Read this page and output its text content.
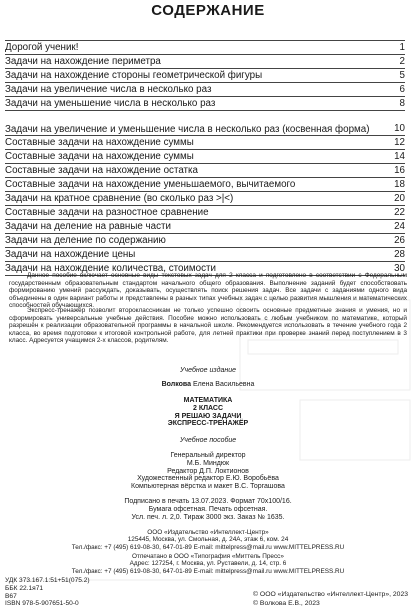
СОДЕРЖАНИЕ
Дорогой ученик!	1
Задачи на нахождение периметра	2
Задачи на нахождение стороны геометрической фигуры	5
Задачи на увеличение числа в несколько раз	6
Задачи на уменьшение числа в несколько раз	8
Задачи на увеличение и уменьшение числа в несколько раз (косвенная форма)	10
Составные задачи на нахождение суммы	12
Составные задачи на нахождение суммы	14
Составные задачи на нахождение остатка	16
Составные задачи на нахождение уменьшаемого, вычитаемого	18
Задачи на кратное сравнение (во сколько раз >|<)	20
Составные задачи на разностное сравнение	22
Задачи на деление на равные части	24
Задачи на деление по содержанию	26
Задачи на нахождение цены	28
Задачи на нахождение количества, стоимости	30
Данное пособие включает основные виды текстовых задач для 2 класса и подготовлено в соответствии с Федеральным государственным образовательным стандартом начального общего образования. Выполнение заданий будет способствовать формированию умений рассуждать, доказывать, осуществлять поиск решения задач. Все задачи с заданиями одного вида объединены в один вариант работы и представлены в разных типах учебных задач с целью развития мышления и математических способностей обучающихся.
Экспресс-тренажёр позволит второклассникам не только успешно освоить основные предметные знания и умения, но и сформировать универсальные учебные действия. Пособие можно использовать с любым учебником по математике, который разрешён к реализации образовательной программы в начальной школе. Рекомендуется использовать в течение учебного года 2 класса, во время подготовки к итоговой контрольной работе, для летней практики при проверке знаний перед поступлением в 3 класс. Адресуется учащимся 2-х классов, родителям.
Учебное издание
Волкова Елена Васильевна
МАТЕМАТИКА
2 КЛАСС
Я РЕШАЮ ЗАДАЧИ
ЭКСПРЕСС-ТРЕНАЖЁР
Учебное пособие
Генеральный директор
М.Б. Миндюк
Редактор Д.П. Локтионов
Художественный редактор Е.Ю. Воробьёва
Компьютерная вёрстка и макет В.С. Торгашова
Подписано в печать 13.07.2023. Формат 70х100/16.
Бумага офсетная. Печать офсетная.
Усл. печ. л. 2,0. Тираж 3000 экз. Заказ № 1635.
ООО «Издательство «Интеллект-Центр»
125445, Москва, ул. Смольная, д. 24А, этаж 6, ком. 24
Тел./факс: +7 (495) 619-08-30, 647-01-89 E-mail: mittelpress@mail.ru www.MITTELPRESS.RU
Отпечатано в ООО «Типография «Миттель Пресс»
Адрес: 127254, г. Москва, ул. Руставели, д. 14, стр. 6
Тел./факс: +7 (495) 619-08-30, 647-01-89 E-mail: mittelpress@mail.ru www.MITTELPRESS.RU
УДК 373.167.1:51+51(075.2)
ББК 22.1я71
В67
ISBN 978-5-907651-50-0
© ООО «Издательство «Интеллект-Центр», 2023
© Волкова Е.В., 2023
